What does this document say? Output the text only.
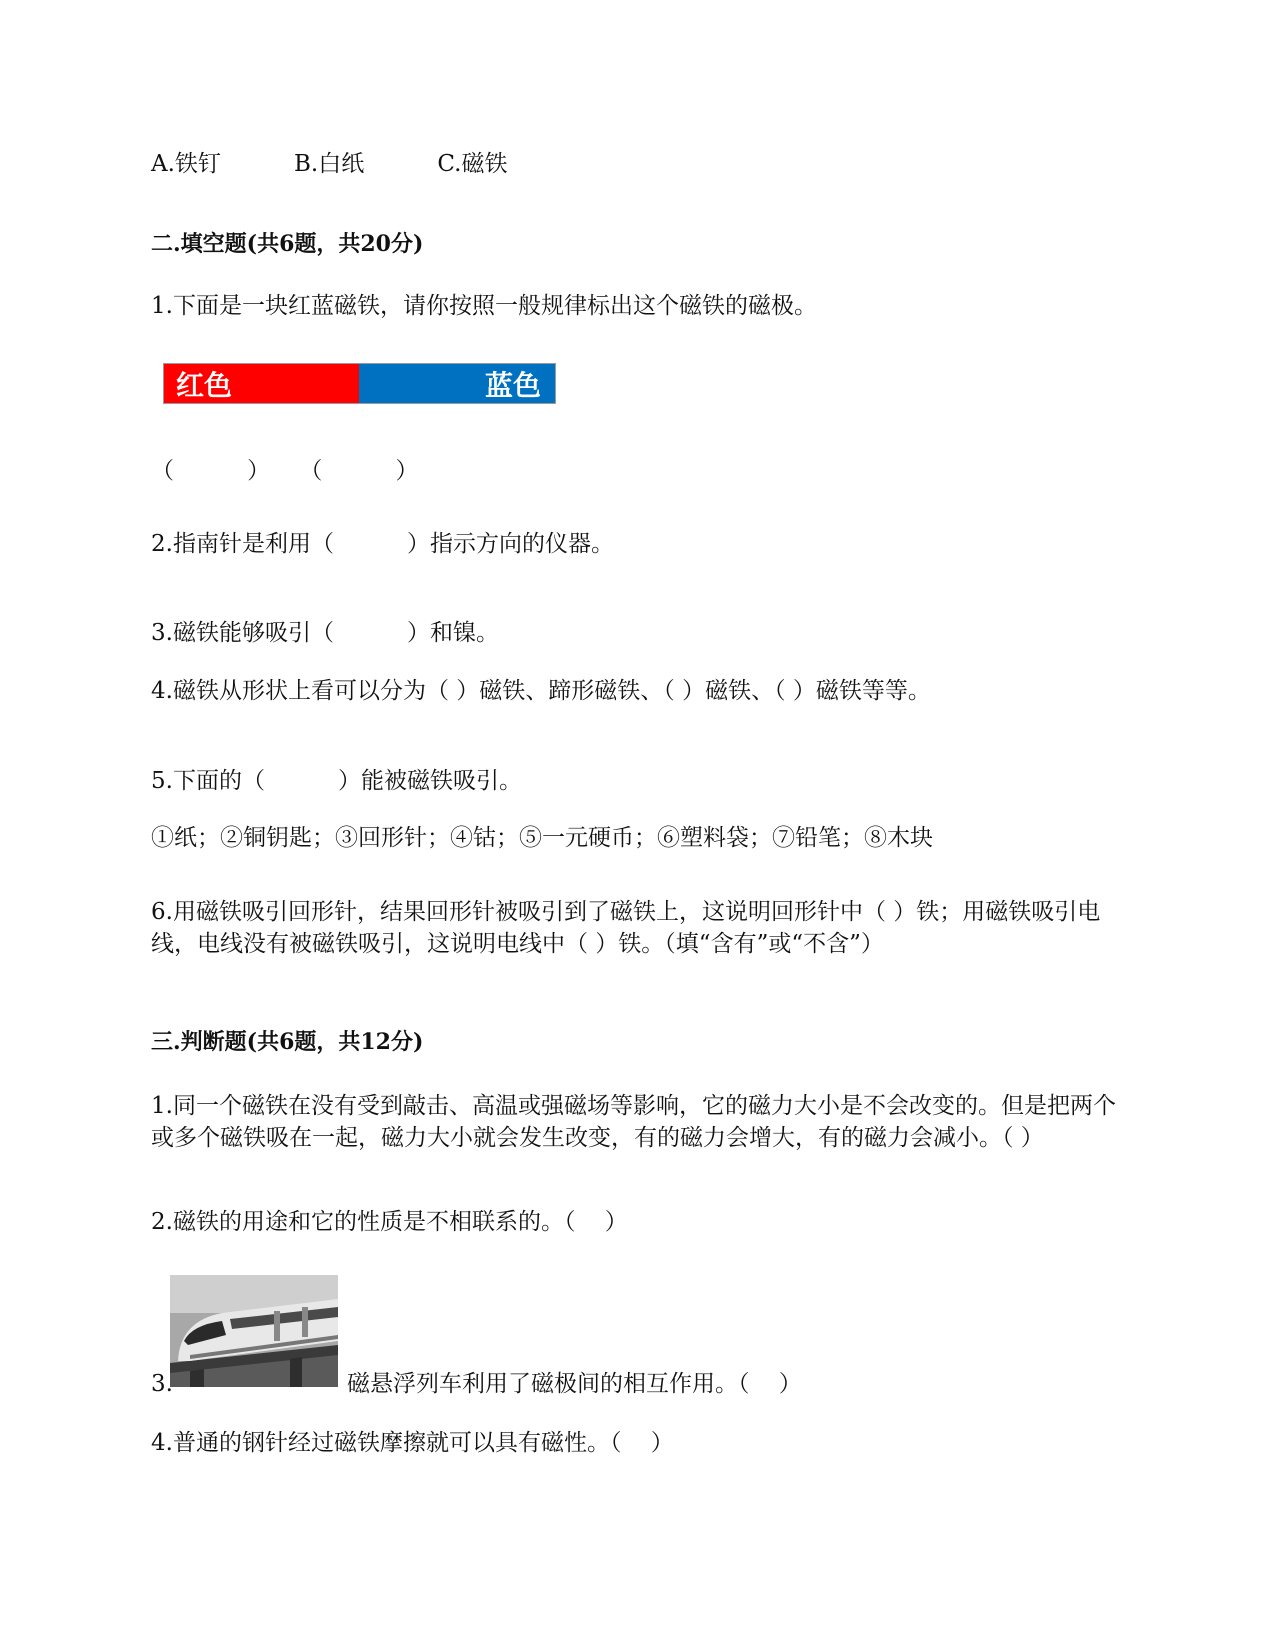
A.铁钉          B.白纸          C.磁铁
二.填空题(共6题，共20分)
1.下面是一块红蓝磁铁，请你按照一般规律标出这个磁铁的磁极。
红色	蓝色
（          ）    （          ）
2.指南针是利用（          ）指示方向的仪器。
3.磁铁能够吸引（          ）和镍。
4.磁铁从形状上看可以分为（ ）磁铁、蹄形磁铁、（ ）磁铁、（ ）磁铁等等。
5.下面的（          ）能被磁铁吸引。
①纸；②铜钥匙；③回形针；④钴；⑤一元硬币；⑥塑料袋；⑦铅笔；⑧木块
6.用磁铁吸引回形针，结果回形针被吸引到了磁铁上，这说明回形针中（ ）铁；用磁铁吸引电线，电线没有被磁铁吸引，这说明电线中（ ）铁。（填“含有”或“不含”）
三.判断题(共6题，共12分)
1.同一个磁铁在没有受到敲击、高温或强磁场等影响，它的磁力大小是不会改变的。但是把两个或多个磁铁吸在一起，磁力大小就会发生改变，有的磁力会增大，有的磁力会减小。（ ）
2.磁铁的用途和它的性质是不相联系的。（    ）
3.	磁悬浮列车利用了磁极间的相互作用。（    ）
4.普通的钢针经过磁铁摩擦就可以具有磁性。（    ）
